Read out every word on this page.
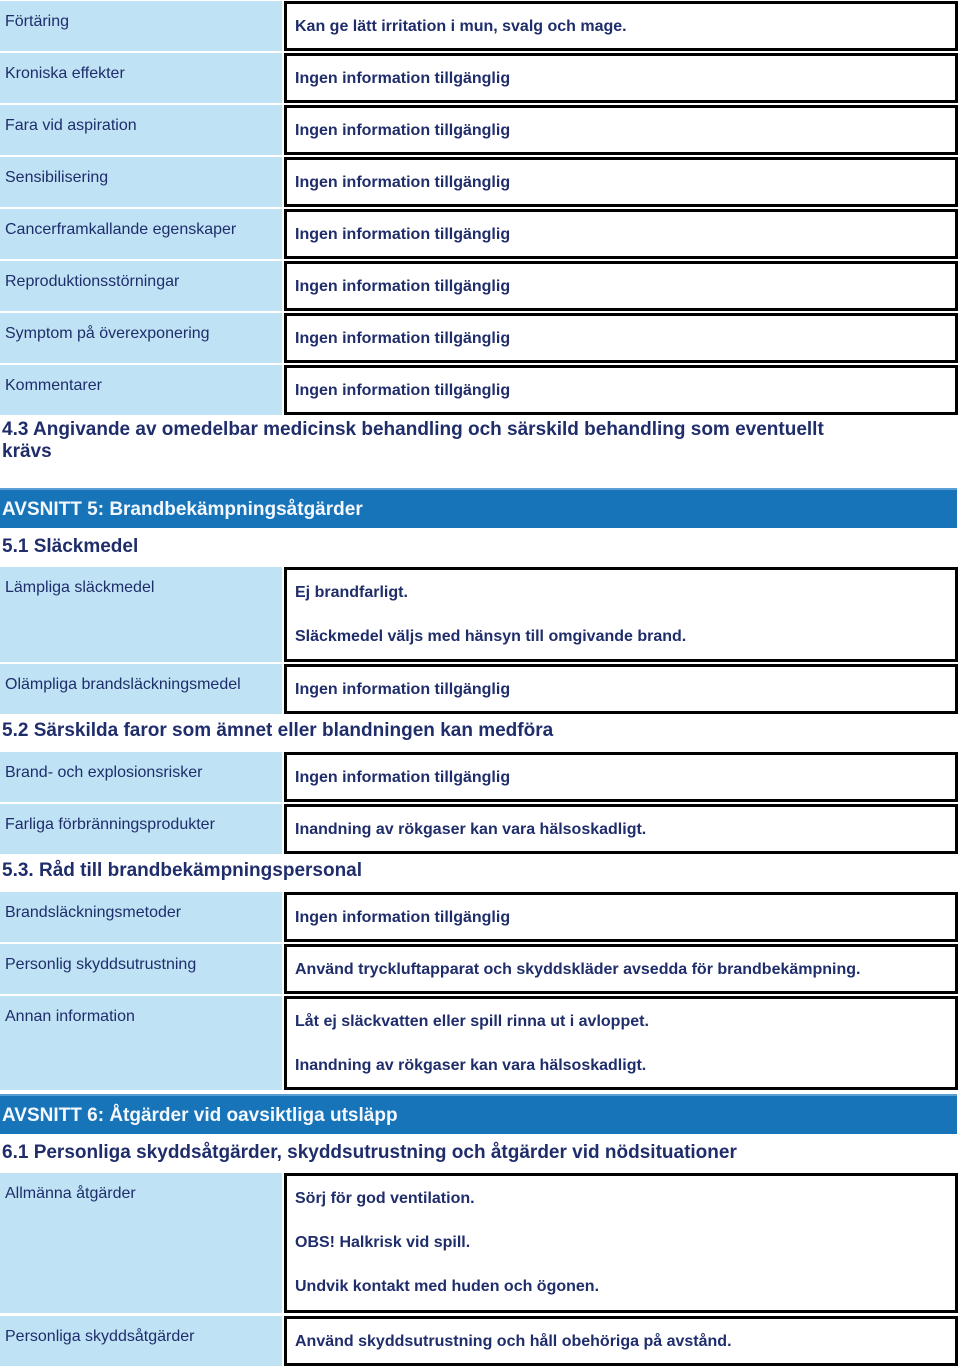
4.3 Angivande av omedelbar medicinsk behandling och särskild behandling som eventuellt krävs
AVSNITT 5: Brandbekämpningsåtgärder
5.1 Släckmedel
5.2 Särskilda faror som ämnet eller blandningen kan medföra
5.3. Råd till brandbekämpningspersonal
AVSNITT 6: Åtgärder vid oavsiktliga utsläpp
6.1 Personliga skyddsåtgärder, skyddsutrustning och åtgärder vid nödsituationer
Förtäring	Kan ge lätt irritation i mun, svalg och mage.
Kroniska effekter	Ingen information tillgänglig
Fara vid aspiration	Ingen information tillgänglig
Sensibilisering	Ingen information tillgänglig
Cancerframkallande egenskaper	Ingen information tillgänglig
Reproduktionsstörningar	Ingen information tillgänglig
Symptom på överexponering	Ingen information tillgänglig
Kommentarer	Ingen information tillgänglig
Lämpliga släckmedel	Ej brandfarligt.
Släckmedel väljs med hänsyn till omgivande brand.
Olämpliga brandsläckningsmedel	Ingen information tillgänglig
Brand- och explosionsrisker	Ingen information tillgänglig
Farliga förbränningsprodukter	Inandning av rökgaser kan vara hälsoskadligt.
Brandsläckningsmetoder	Ingen information tillgänglig
Personlig skyddsutrustning	Använd tryckluftapparat och skyddskläder avsedda för brandbekämpning.
Annan information	Låt ej släckvatten eller spill rinna ut i avloppet.
Inandning av rökgaser kan vara hälsoskadligt.
Allmänna åtgärder	Sörj för god ventilation.
OBS! Halkrisk vid spill.
Undvik kontakt med huden och ögonen.
Personliga skyddsåtgärder	Använd skyddsutrustning och håll obehöriga på avstånd.
